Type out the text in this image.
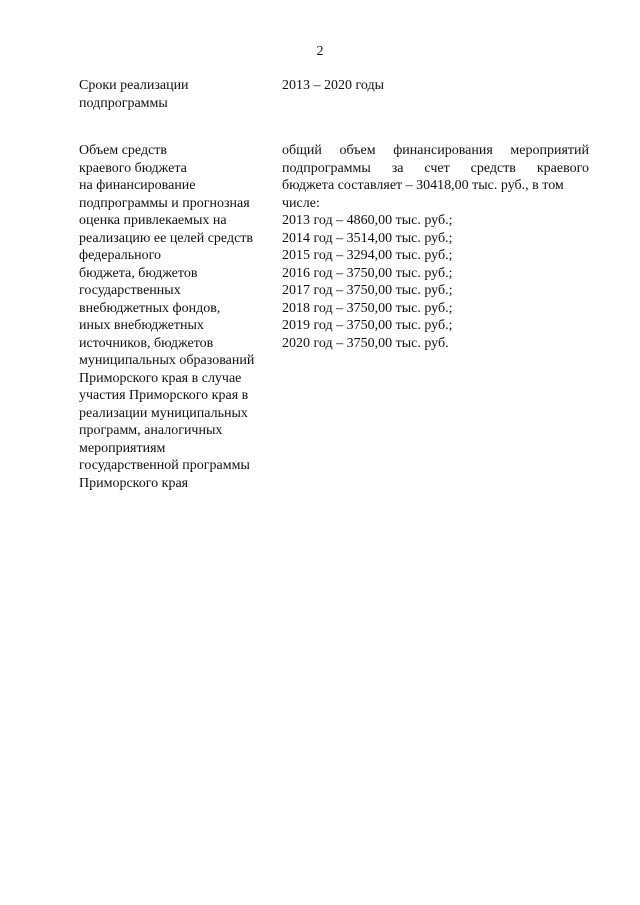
2
Сроки реализации
подпрограммы
2013 – 2020 годы
Объем средств
краевого бюджета
на финансирование
подпрограммы и прогнозная
оценка привлекаемых на
реализацию ее целей средств
федерального
бюджета, бюджетов
государственных
внебюджетных фондов,
иных внебюджетных
источников, бюджетов
муниципальных образований
Приморского края в случае
участия Приморского края в
реализации муниципальных
программ, аналогичных
мероприятиям
государственной программы
Приморского края
общий объем финансирования мероприятий
подпрограммы за счет средств краевого
бюджета составляет – 30418,00 тыс. руб., в том
числе:
2013 год – 4860,00 тыс. руб.;
2014 год – 3514,00 тыс. руб.;
2015 год – 3294,00 тыс. руб.;
2016 год – 3750,00 тыс. руб.;
2017 год – 3750,00 тыс. руб.;
2018 год – 3750,00 тыс. руб.;
2019 год – 3750,00 тыс. руб.;
2020 год – 3750,00 тыс. руб.
